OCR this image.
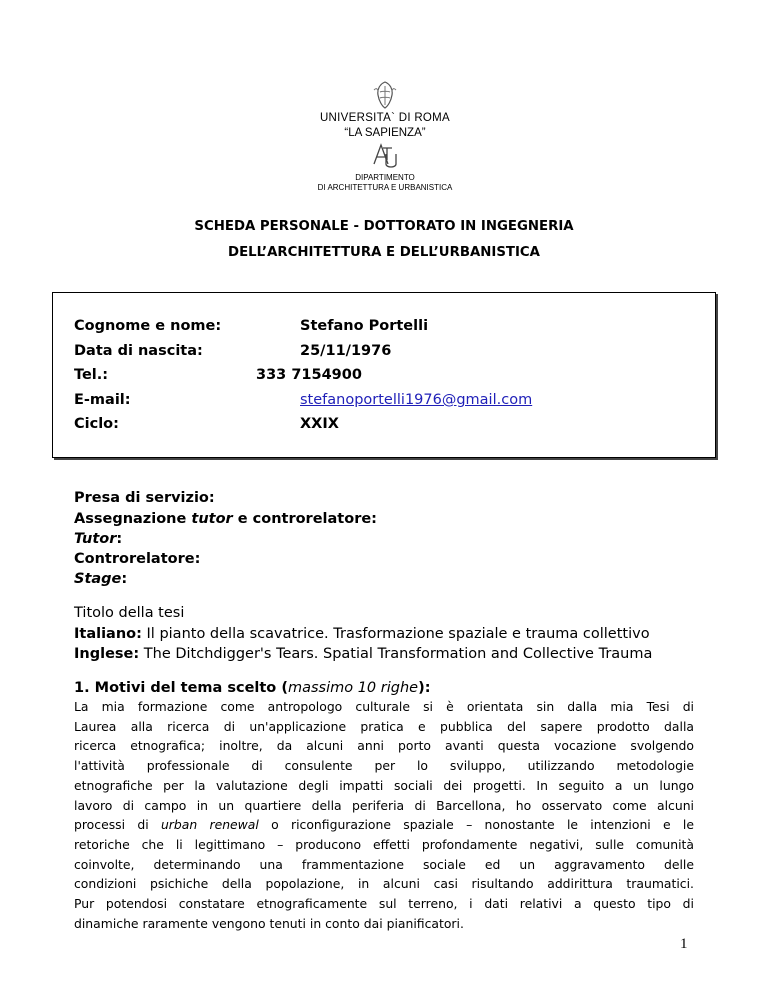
UNIVERSITA` DI ROMA
“LA SAPIENZA”
DIPARTIMENTO
DI ARCHITETTURA E URBANISTICA
SCHEDA PERSONALE - DOTTORATO IN INGEGNERIA
DELL’ARCHITETTURA E DELL’URBANISTICA
Cognome e nome:	Stefano Portelli
Data di nascita:	25/11/1976
Tel.:	333 7154900
E-mail:	stefanoportelli1976@gmail.com
Ciclo:	XXIX
Presa di servizio:
Assegnazione tutor e controrelatore:
Tutor:
Controrelatore:
Stage:
Titolo della tesi
Italiano: Il pianto della scavatrice. Trasformazione spaziale e trauma collettivo
Inglese: The Ditchdigger's Tears. Spatial Transformation and Collective Trauma
1. Motivi del tema scelto (massimo 10 righe):
La mia formazione come antropologo culturale si è orientata sin dalla mia Tesi di
Laurea alla ricerca di un'applicazione pratica e pubblica del sapere prodotto dalla
ricerca etnografica; inoltre, da alcuni anni porto avanti questa vocazione svolgendo
l'attività professionale di consulente per lo sviluppo, utilizzando metodologie
etnografiche per la valutazione degli impatti sociali dei progetti. In seguito a un lungo
lavoro di campo in un quartiere della periferia di Barcellona, ho osservato come alcuni
processi di urban renewal o riconfigurazione spaziale – nonostante le intenzioni e le
retoriche che li legittimano – producono effetti profondamente negativi, sulle comunità
coinvolte, determinando una frammentazione sociale ed un aggravamento delle
condizioni psichiche della popolazione, in alcuni casi risultando addirittura traumatici.
Pur potendosi constatare etnograficamente sul terreno, i dati relativi a questo tipo di
dinamiche raramente vengono tenuti in conto dai pianificatori.
1
